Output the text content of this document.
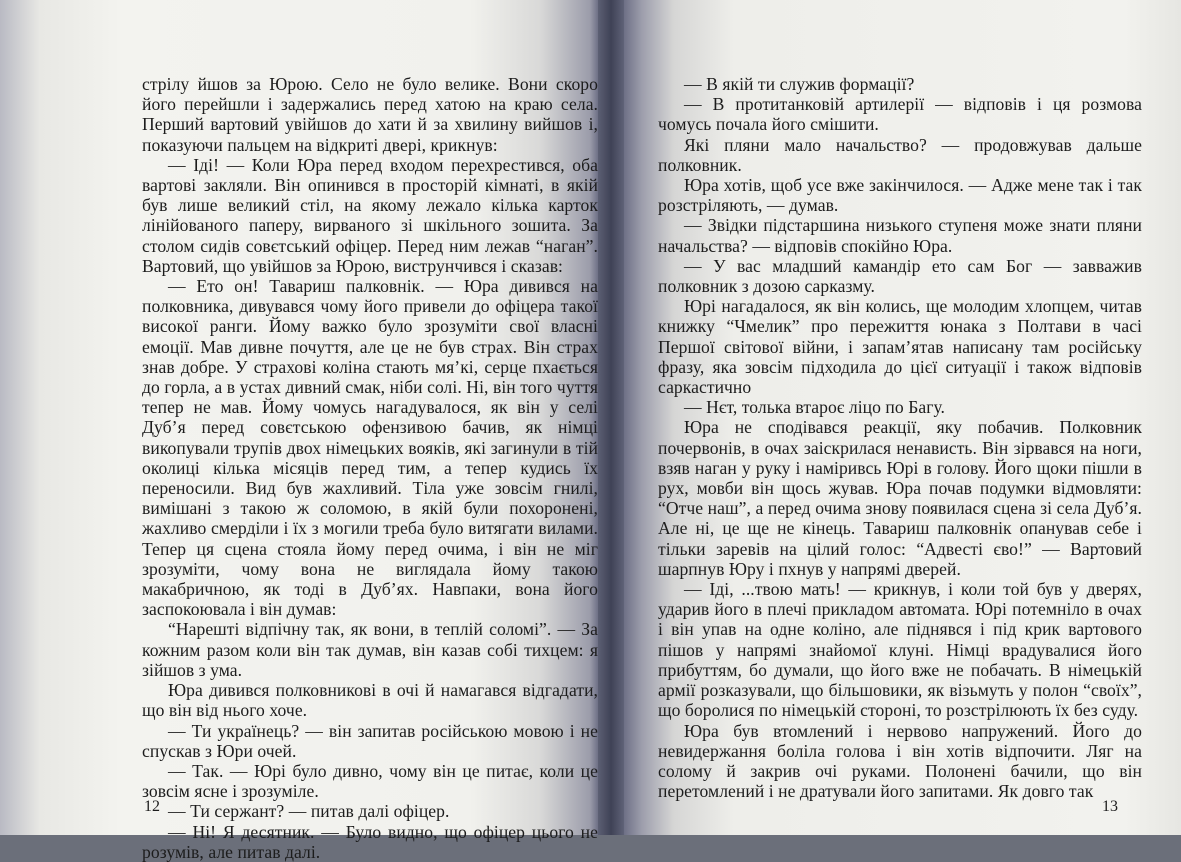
стрілу йшов за Юрою. Село не було велике. Вони скоро його перейшли і задержались перед хатою на краю села. Перший вартовий увійшов до хати й за хвилину вийшов і, показуючи пальцем на відкриті двері, крикнув:

— Іді! — Коли Юра перед входом перехрестився, оба вартові закляли. Він опинився в просторій кімнаті, в якій був лише великий стіл, на якому лежало кілька карток лінійованого паперу, вирваного зі шкільного зошита. За столом сидів совєтський офіцер. Перед ним лежав “наган”. Вартовий, що увійшов за Юрою, виструнчився і сказав:

— Ето он! Тавариш палковнік. — Юра дивився на полковника, дивувався чому його привели до офіцера такої високої ранги. Йому важко було зрозуміти свої власні емоції. Мав дивне почуття, але це не був страх. Він страх знав добре. У страхові коліна стають мя’кі, серце пхається до горла, а в устах дивний смак, ніби солі. Ні, він того чуття тепер не мав. Йому чомусь нагадувалося, як він у селі Дуб’я перед совєтською офензивою бачив, як німці викопували трупів двох німецьких вояків, які загинули в тій околиці кілька місяців перед тим, а тепер кудись їх переносили. Вид був жахливий. Тіла уже зовсім гнилі, вимішані з такою ж соломою, в якій були похоронені, жахливо смерділи і їх з могили треба було витягати вилами. Тепер ця сцена стояла йому перед очима, і він не міг зрозуміти, чому вона не виглядала йому такою макабричною, як тоді в Дуб’ях. Навпаки, вона його заспокоювала і він думав:

“Нарешті відпічну так, як вони, в теплій соломі”. — За кожним разом коли він так думав, він казав собі тихцем: я зійшов з ума.

Юра дивився полковникові в очі й намагався відгадати, що він від нього хоче.

— Ти українець? — він запитав російською мовою і не спускав з Юри очей.

— Так. — Юрі було дивно, чому він це питає, коли це зовсім ясне і зрозуміле.

— Ти сержант? — питав далі офіцер.

— Ні! Я десятник. — Було видно, що офіцер цього не розумів, але питав далі.

12

— В якій ти служив формації?

— В протитанковій артилерії — відповів і ця розмова чомусь почала його смішити.

Які пляни мало начальство? — продовжував дальше полковник.

Юра хотів, щоб усе вже закінчилося. — Адже мене так і так розстріляють, — думав.

— Звідки підстаршина низького ступеня може знати пляни начальства? — відповів спокійно Юра.

— У вас младший камандір ето сам Бог — завважив полковник з дозою сарказму.

Юрі нагадалося, як він колись, ще молодим хлопцем, читав книжку “Чмелик” про пережиття юнака з Полтави в часі Першої світової війни, і запам’ятав написану там російську фразу, яка зовсім підходила до цієї ситуації і також відповів саркастично

— Нєт, толька втароє ліцо по Багу.

Юра не сподівався реакції, яку побачив. Полковник почервонів, в очах заіскрилася ненависть. Він зірвався на ноги, взяв наган у руку і наміривсь Юрі в голову. Його щоки пішли в рух, мовби він щось жував. Юра почав подумки відмовляти: “Отче наш”, а перед очима знову появилася сцена зі села Дуб’я. Але ні, це ще не кінець. Тавариш палковнік опанував себе і тільки заревів на цілий голос: “Адвесті єво!” — Вартовий шарпнув Юру і пхнув у напрямі дверей.

— Іді, ...твою мать! — крикнув, і коли той був у дверях, ударив його в плечі прикладом автомата. Юрі потемніло в очах і він упав на одне коліно, але піднявся і під крик вартового пішов у напрямі знайомої клуні. Німці врадувалися його прибуттям, бо думали, що його вже не побачать. В німецькій армії розказували, що більшовики, як візьмуть у полон “своїх”, що боролися по німецькій стороні, то розстрілюють їх без суду.

Юра був втомлений і нервово напружений. Його до невидержання боліла голова і він хотів відпочити. Ляг на солому й закрив очі руками. Полонені бачили, що він перетомлений і не дратували його запитами. Як довго так

13
